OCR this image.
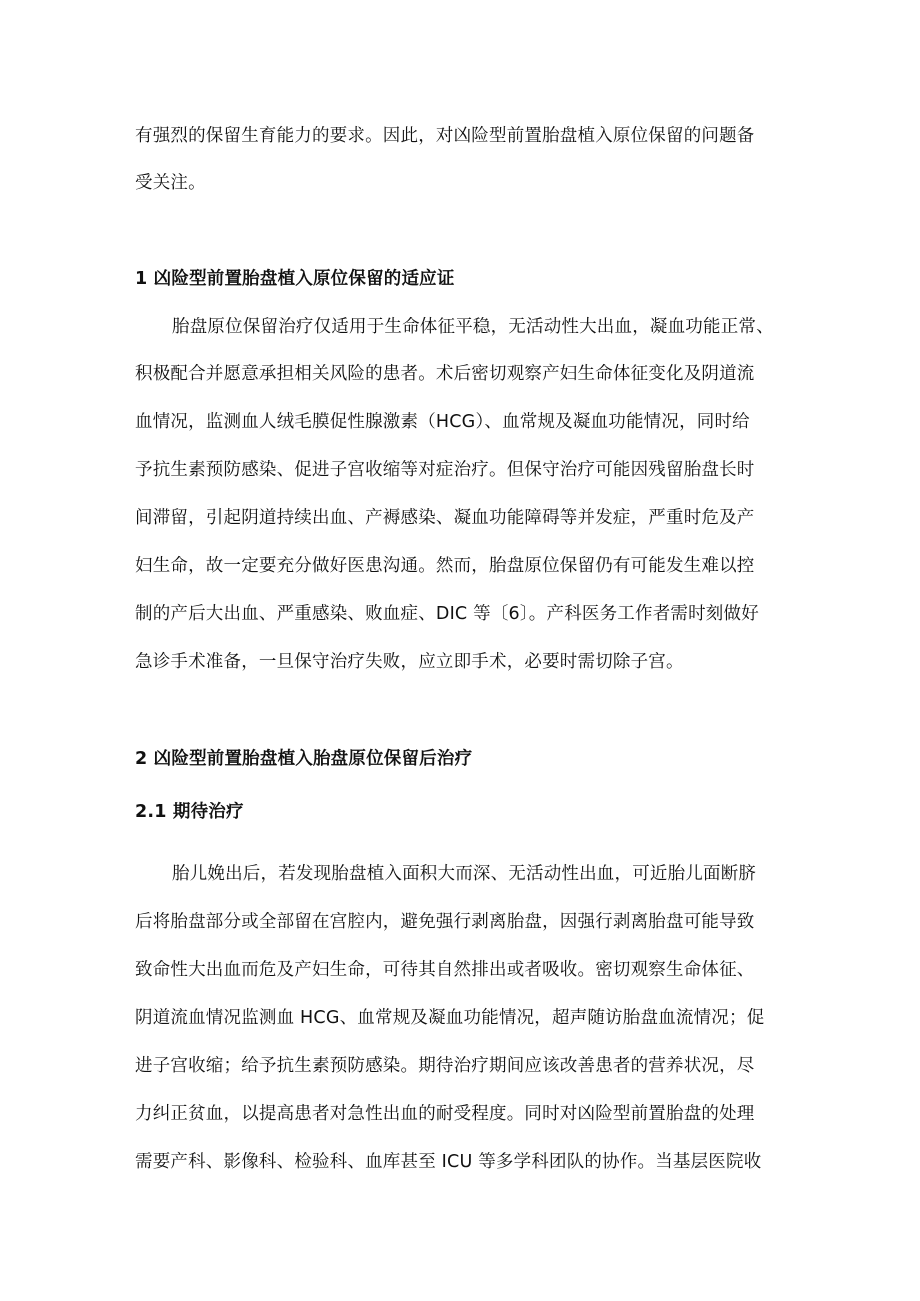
有强烈的保留生育能力的要求。因此，对凶险型前置胎盘植入原位保留的问题备
受关注。
1 凶险型前置胎盘植入原位保留的适应证
胎盘原位保留治疗仅适用于生命体征平稳，无活动性大出血，凝血功能正常、
积极配合并愿意承担相关风险的患者。术后密切观察产妇生命体征变化及阴道流
血情况，监测血人绒毛膜促性腺激素（HCG）、血常规及凝血功能情况，同时给
予抗生素预防感染、促进子宫收缩等对症治疗。但保守治疗可能因残留胎盘长时
间滞留，引起阴道持续出血、产褥感染、凝血功能障碍等并发症，严重时危及产
妇生命，故一定要充分做好医患沟通。然而，胎盘原位保留仍有可能发生难以控
制的产后大出血、严重感染、败血症、DIC 等〔6〕。产科医务工作者需时刻做好
急诊手术准备，一旦保守治疗失败，应立即手术，必要时需切除子宫。
2 凶险型前置胎盘植入胎盘原位保留后治疗
2.1 期待治疗
胎儿娩出后，若发现胎盘植入面积大而深、无活动性出血，可近胎儿面断脐
后将胎盘部分或全部留在宫腔内，避免强行剥离胎盘，因强行剥离胎盘可能导致
致命性大出血而危及产妇生命，可待其自然排出或者吸收。密切观察生命体征、
阴道流血情况监测血 HCG、血常规及凝血功能情况，超声随访胎盘血流情况；促
进子宫收缩；给予抗生素预防感染。期待治疗期间应该改善患者的营养状况，尽
力纠正贫血，以提高患者对急性出血的耐受程度。同时对凶险型前置胎盘的处理
需要产科、影像科、检验科、血库甚至 ICU 等多学科团队的协作。当基层医院收
